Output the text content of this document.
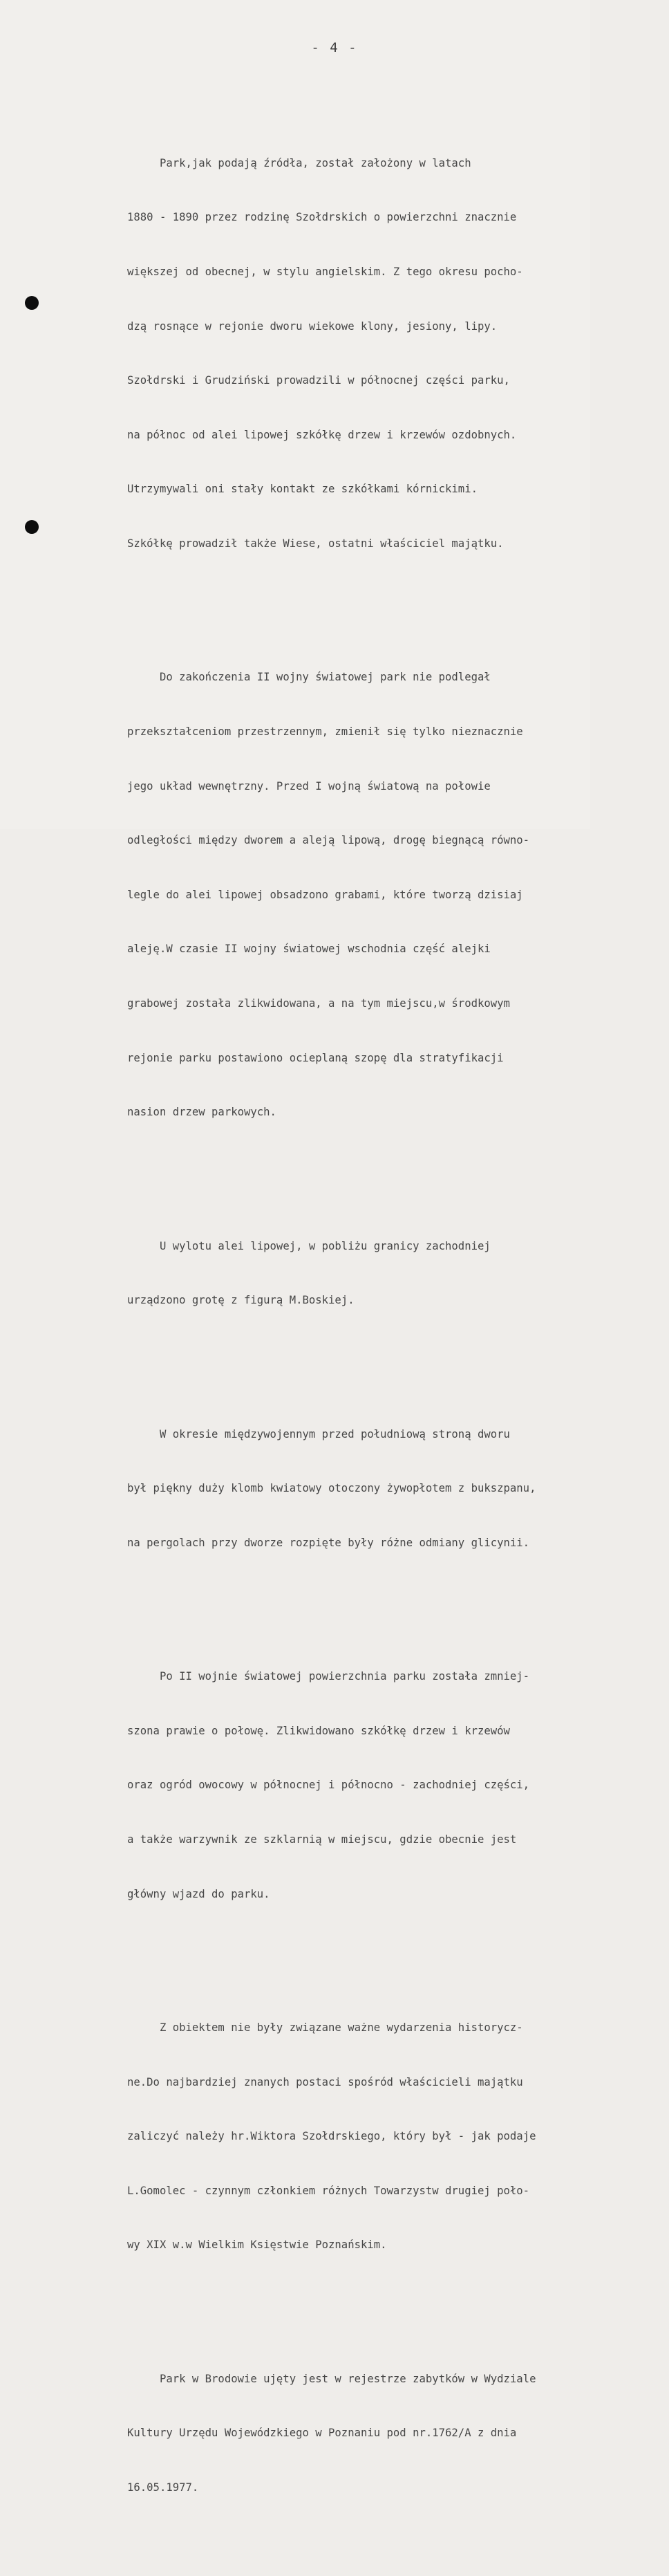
- 4 -

Park,jak podają źródła, został założony w latach

1880 - 1890 przez rodzinę Szołdrskich o powierzchni znacznie

większej od obecnej, w stylu angielskim. Z tego okresu pocho-

dzą rosnące w rejonie dworu wiekowe klony, jesiony, lipy.

Szołdrski i Grudziński prowadzili w północnej części parku,

na północ od alei lipowej szkółkę drzew i krzewów ozdobnych.

Utrzymywali oni stały kontakt ze szkółkami kórnickimi.

Szkółkę prowadził także Wiese, ostatni właściciel majątku.

Do zakończenia II wojny światowej park nie podlegał

przekształceniom przestrzennym, zmienił się tylko nieznacznie

jego układ wewnętrzny. Przed I wojną światową na połowie

odległości między dworem a aleją lipową, drogę biegnącą równo-

legle do alei lipowej obsadzono grabami, które tworzą dzisiaj

aleję.W czasie II wojny światowej wschodnia część alejki

grabowej została zlikwidowana, a na tym miejscu,w środkowym

rejonie parku postawiono ocieplaną szopę dla stratyfikacji

nasion drzew parkowych.

U wylotu alei lipowej, w pobliżu granicy zachodniej

urządzono grotę z figurą M.Boskiej.

W okresie międzywojennym przed południową stroną dworu

był piękny duży klomb kwiatowy otoczony żywopłotem z bukszpanu,

na pergolach przy dworze rozpięte były różne odmiany glicynii.

Po II wojnie światowej powierzchnia parku została zmniej-

szona prawie o połowę. Zlikwidowano szkółkę drzew i krzewów

oraz ogród owocowy w północnej i północno - zachodniej części,

a także warzywnik ze szklarnią w miejscu, gdzie obecnie jest

główny wjazd do parku.

Z obiektem nie były związane ważne wydarzenia historycz-

ne.Do najbardziej znanych postaci spośród właścicieli majątku

zaliczyć należy hr.Wiktora Szołdrskiego, który był - jak podaje

L.Gomolec - czynnym członkiem różnych Towarzystw drugiej poło-

wy XIX w.w Wielkim Księstwie Poznańskim.

Park w Brodowie ujęty jest w rejestrze zabytków w Wydziale

Kultury Urzędu Wojewódzkiego w Poznaniu pod nr.1762/A z dnia

16.05.1977.
